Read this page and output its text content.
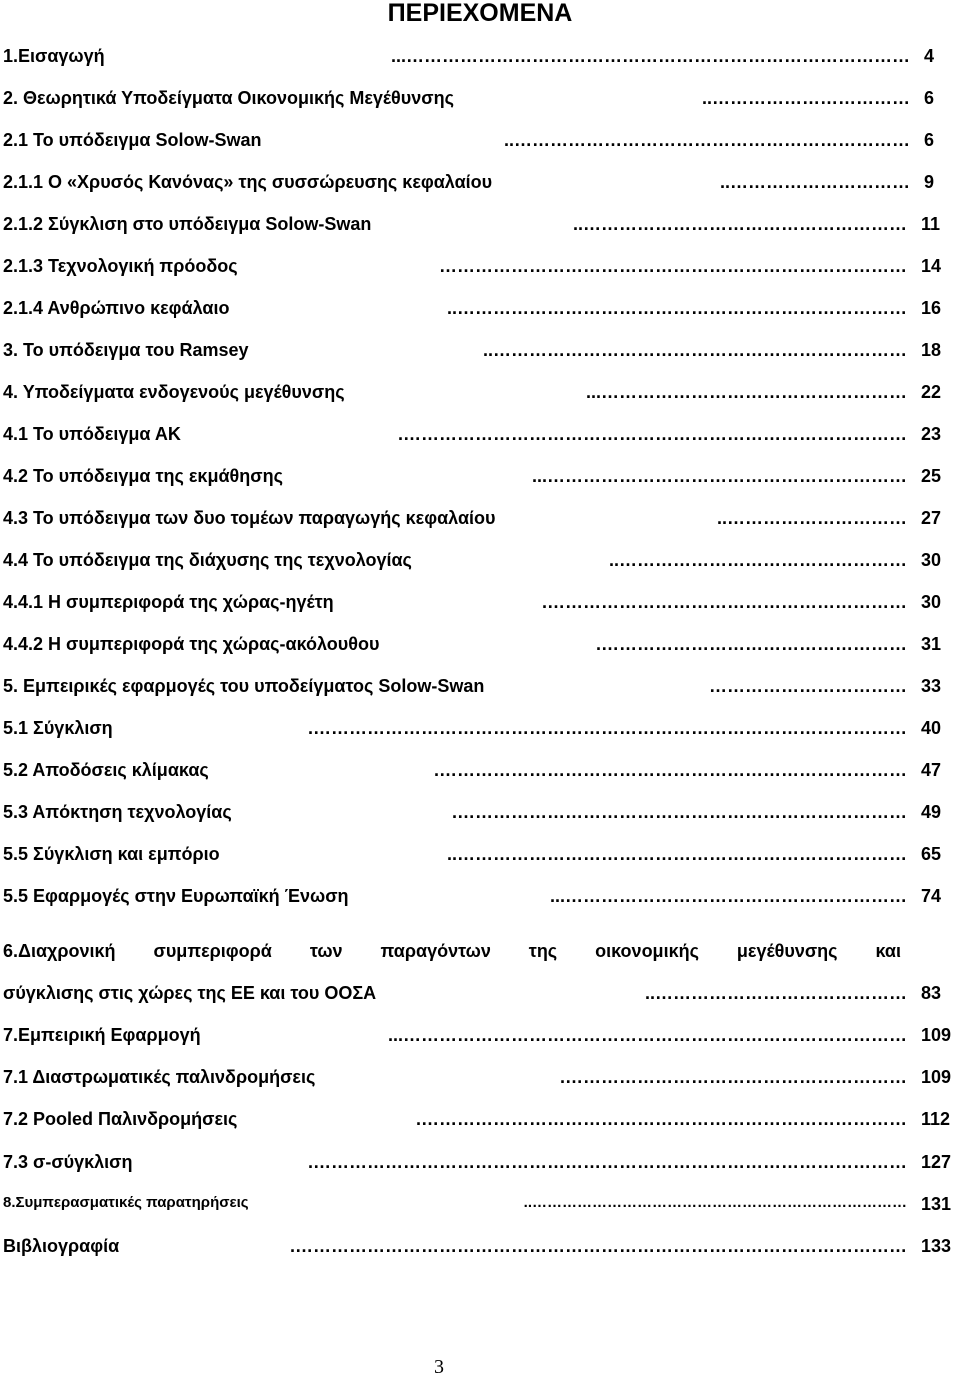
ΠΕΡΙΕΧΟΜΕΝΑ
1.Εισαγωγή	…………………………………………………………………………... 4
2. Θεωρητικά Υποδείγματα Οικονομικής Μεγέθυνσης	…………………………….. 6
2.1 Το υπόδειγμα Solow-Swan	………………………………………………………….. 6
2.1.1 Ο «Χρυσός Κανόνας» της συσσώρευσης κεφαλαίου	………………………….. 9
2.1.2 Σύγκλιση στο υπόδειγμα Solow-Swan	……………………………………………….. 11
2.1.3 Τεχνολογική πρόοδος	…………………………………………………………………… 14
2.1.4 Ανθρώπινο κεφάλαιο	………………………………………………………………….. 16
3. Το υπόδειγμα του Ramsey	…………………………………………………………….. 18
4. Υποδείγματα ενδογενούς μεγέθυνσης	……………………………………………... 22
4.1 Το υπόδειγμα ΑΚ	…………………………………………………………………………. 23
4.2 Το υπόδειγμα της εκμάθησης	……………………………………………………... 25
4.3 Το υπόδειγμα των δυο τομέων παραγωγής κεφαλαίου	………………………….. 27
4.4 Το υπόδειγμα της διάχυσης της τεχνολογίας	………………………………………….. 30
4.4.1 Η συμπεριφορά της χώρας-ηγέτη	……………………………………………………. 30
4.4.2 Η συμπεριφορά της χώρας-ακόλουθου	……………………………………………. 31
5. Εμπειρικές εφαρμογές του υποδείγματος Solow-Swan	…………………………… 33
5.1 Σύγκλιση	………………………………………………………………………………………. 40
5.2 Αποδόσεις κλίμακας	……………………………………………………………………. 47
5.3 Απόκτηση τεχνολογίας	…………………………………………………………………. 49
5.5 Σύγκλιση και εμπόριο	………………………………………………………………….. 65
5.5 Εφαρμογές στην Ευρωπαϊκή Ένωση	…………………………………………………... 74
7.Εμπειρική Εφαρμογή	…………………………………………………………………………... 109
7.1 Διαστρωματικές παλινδρομήσεις	…………………………………………………. 109
7.2 Pooled Παλινδρομήσεις	………………………………………………………………………. 112
7.3 σ-σύγκλιση	………………………………………………………………………………………. 127
8.Συμπερασματικές παρατηρήσεις	………………………………………………………………….. 131
Βιβλιογραφία	…………………………………………………………………………………………. 133
6.Διαχρονική συμπεριφορά των παραγόντων της οικονομικής μεγέθυνσης και
σύγκλισης στις χώρες της ΕΕ και του ΟΟΣΑ	…………………………………….. 83
3
